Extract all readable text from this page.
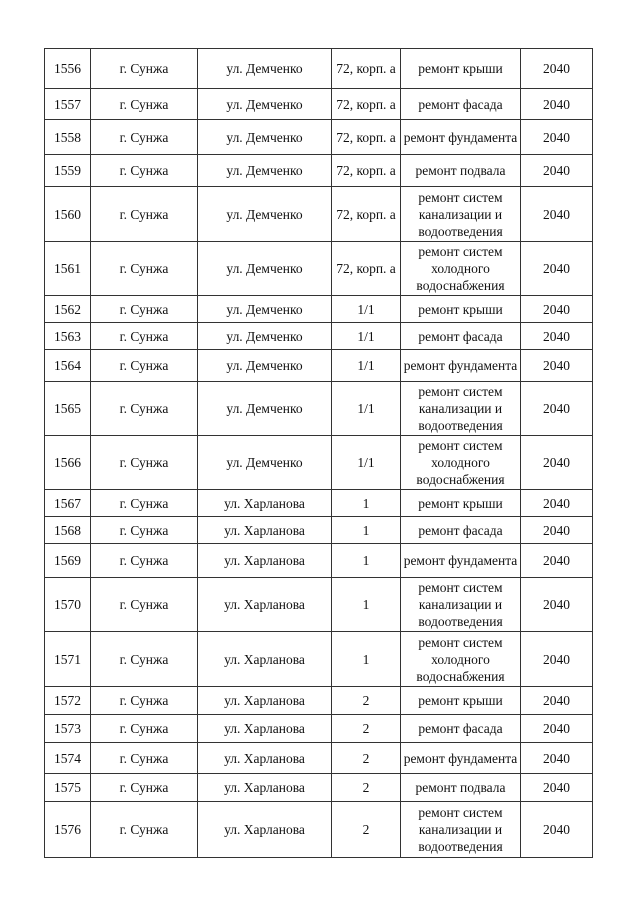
1556	г. Сунжа	ул. Демченко	72, корп. а	ремонт крыши	2040
1557	г. Сунжа	ул. Демченко	72, корп. а	ремонт фасада	2040
1558	г. Сунжа	ул. Демченко	72, корп. а	ремонт фундамента	2040
1559	г. Сунжа	ул. Демченко	72, корп. а	ремонт подвала	2040
1560	г. Сунжа	ул. Демченко	72, корп. а	ремонт систем канализации и водоотведения	2040
1561	г. Сунжа	ул. Демченко	72, корп. а	ремонт систем холодного водоснабжения	2040
1562	г. Сунжа	ул. Демченко	1/1	ремонт крыши	2040
1563	г. Сунжа	ул. Демченко	1/1	ремонт фасада	2040
1564	г. Сунжа	ул. Демченко	1/1	ремонт фундамента	2040
1565	г. Сунжа	ул. Демченко	1/1	ремонт систем канализации и водоотведения	2040
1566	г. Сунжа	ул. Демченко	1/1	ремонт систем холодного водоснабжения	2040
1567	г. Сунжа	ул. Харланова	1	ремонт крыши	2040
1568	г. Сунжа	ул. Харланова	1	ремонт фасада	2040
1569	г. Сунжа	ул. Харланова	1	ремонт фундамента	2040
1570	г. Сунжа	ул. Харланова	1	ремонт систем канализации и водоотведения	2040
1571	г. Сунжа	ул. Харланова	1	ремонт систем холодного водоснабжения	2040
1572	г. Сунжа	ул. Харланова	2	ремонт крыши	2040
1573	г. Сунжа	ул. Харланова	2	ремонт фасада	2040
1574	г. Сунжа	ул. Харланова	2	ремонт фундамента	2040
1575	г. Сунжа	ул. Харланова	2	ремонт подвала	2040
1576	г. Сунжа	ул. Харланова	2	ремонт систем канализации и водоотведения	2040
